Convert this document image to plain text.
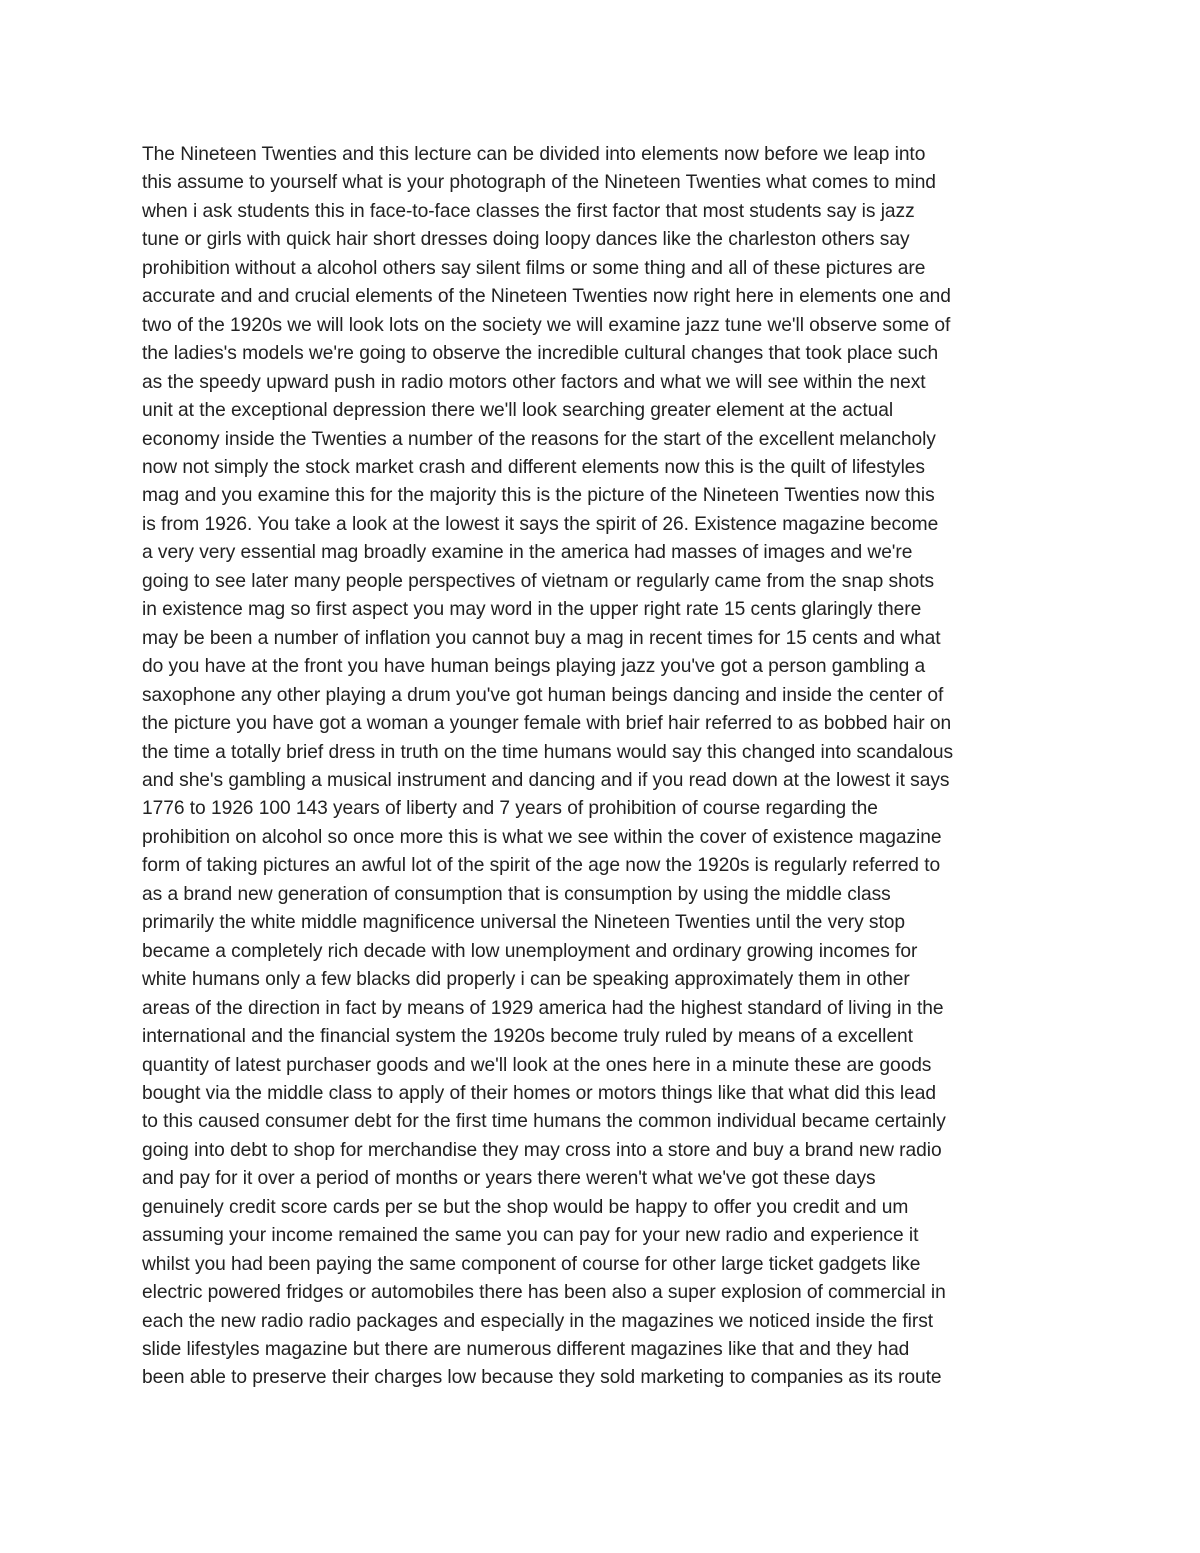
The Nineteen Twenties and this lecture can be divided into elements now before we leap into
this assume to yourself what is your photograph of the Nineteen Twenties what comes to mind
when i ask students this in face-to-face classes the first factor that most students say is jazz
tune or girls with quick hair short dresses doing loopy dances like the charleston others say
prohibition without a alcohol others say silent films or some thing and all of these pictures are
accurate and and crucial elements of the Nineteen Twenties now right here in elements one and
two of the 1920s we will look lots on the society we will examine jazz tune we'll observe some of
the ladies's models we're going to observe the incredible cultural changes that took place such
as the speedy upward push in radio motors other factors and what we will see within the next
unit at the exceptional depression there we'll look searching greater element at the actual
economy inside the Twenties a number of the reasons for the start of the excellent melancholy
now not simply the stock market crash and different elements now this is the quilt of lifestyles
mag and you examine this for the majority this is the picture of the Nineteen Twenties now this
is from 1926. You take a look at the lowest it says the spirit of 26. Existence magazine become
a very very essential mag broadly examine in the america had masses of images and we're
going to see later many people perspectives of vietnam or regularly came from the snap shots
in existence mag so first aspect you may word in the upper right rate 15 cents glaringly there
may be been a number of inflation you cannot buy a mag in recent times for 15 cents and what
do you have at the front you have human beings playing jazz you've got a person gambling a
saxophone any other playing a drum you've got human beings dancing and inside the center of
the picture you have got a woman a younger female with brief hair referred to as bobbed hair on
the time a totally brief dress in truth on the time humans would say this changed into scandalous
and she's gambling a musical instrument and dancing and if you read down at the lowest it says
1776 to 1926 100 143 years of liberty and 7 years of prohibition of course regarding the
prohibition on alcohol so once more this is what we see within the cover of existence magazine
form of taking pictures an awful lot of the spirit of the age now the 1920s is regularly referred to
as a brand new generation of consumption that is consumption by using the middle class
primarily the white middle magnificence universal the Nineteen Twenties until the very stop
became a completely rich decade with low unemployment and ordinary growing incomes for
white humans only a few blacks did properly i can be speaking approximately them in other
areas of the direction in fact by means of 1929 america had the highest standard of living in the
international and the financial system the 1920s become truly ruled by means of a excellent
quantity of latest purchaser goods and we'll look at the ones here in a minute these are goods
bought via the middle class to apply of their homes or motors things like that what did this lead
to this caused consumer debt for the first time humans the common individual became certainly
going into debt to shop for merchandise they may cross into a store and buy a brand new radio
and pay for it over a period of months or years there weren't what we've got these days
genuinely credit score cards per se but the shop would be happy to offer you credit and um
assuming your income remained the same you can pay for your new radio and experience it
whilst you had been paying the same component of course for other large ticket gadgets like
electric powered fridges or automobiles there has been also a super explosion of commercial in
each the new radio radio packages and especially in the magazines we noticed inside the first
slide lifestyles magazine but there are numerous different magazines like that and they had
been able to preserve their charges low because they sold marketing to companies as its route
